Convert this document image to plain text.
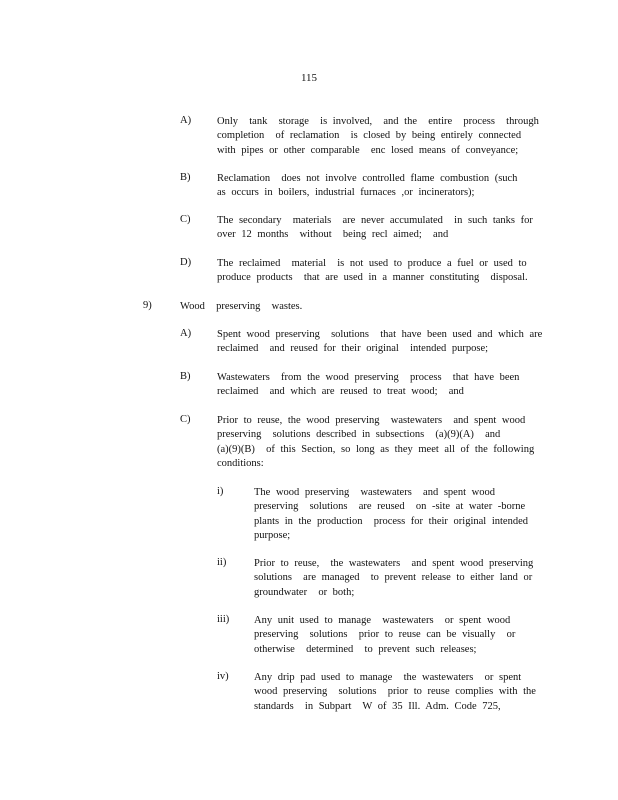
115
A) Only  tank  storage  is involved,  and the  entire  process  through
completion  of reclamation  is closed by being entirely connected
with pipes or other comparable  enc losed means of conveyance;
B)	Reclamation  does not involve controlled flame combustion (such
as occurs in boilers, industrial furnaces ,or incinerators);
C)	The secondary  materials  are never accumulated  in such tanks for
over 12 months  without  being recl aimed;  and
D) The reclaimed  material  is not used to produce a fuel or used to
produce products  that are used in a manner constituting  disposal.
9)	Wood  preserving  wastes.
A) Spent wood preserving  solutions  that have been used and which are
reclaimed  and reused for their original  intended purpose;
B)	Wastewaters  from the wood preserving  process  that have been
reclaimed  and which are reused to treat wood;  and
C)	Prior to reuse, the wood preserving  wastewaters  and spent wood
preserving  solutions described in subsections  (a)(9)(A)  and
(a)(9)(B)  of this Section, so long as they meet all of the following
conditions:
i)	The wood preserving  wastewaters  and spent wood
preserving  solutions  are reused  on -site at water -borne
plants in the production  process for their original intended
purpose;
ii)	Prior to reuse,  the wastewaters  and spent wood preserving
solutions  are managed  to prevent release to either land or
groundwater  or both;
iii) Any unit used to manage  wastewaters  or spent wood
preserving  solutions  prior to reuse can be visually  or
otherwise  determined  to prevent such releases;
iv) Any drip pad used to manage  the wastewaters  or spent
wood preserving  solutions  prior to reuse complies with the
standards  in Subpart  W of 35 Ill. Adm. Code 725,
